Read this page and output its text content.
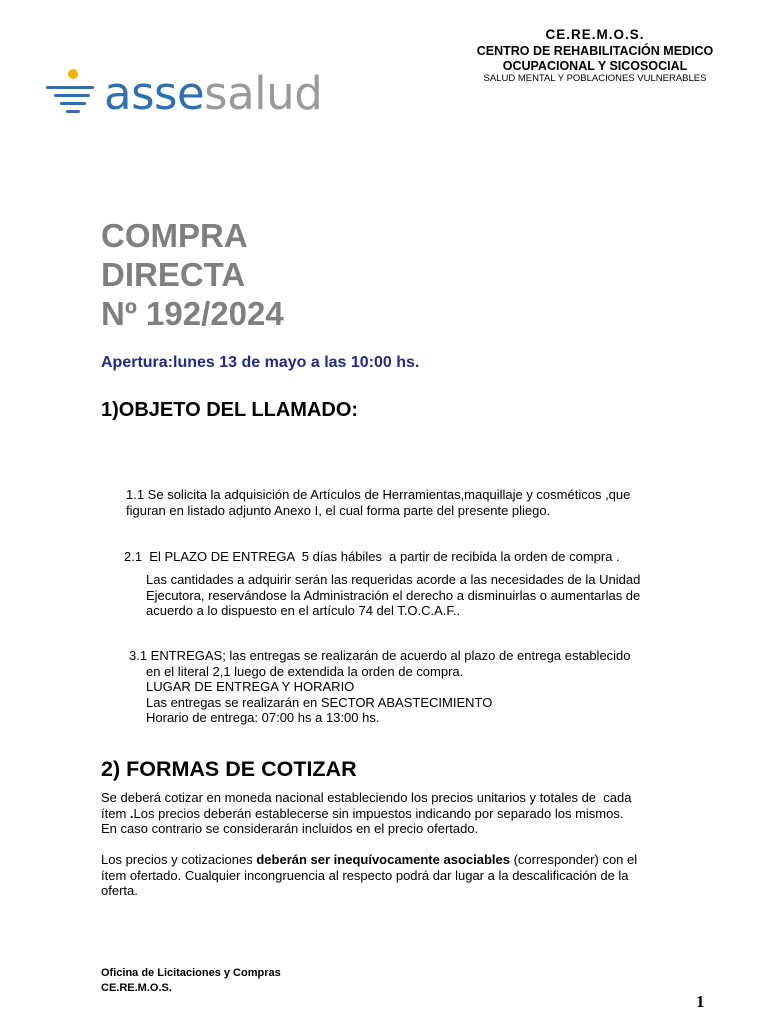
CE.RE.M.O.S.
CENTRO DE REHABILITACIÓN MEDICO
OCUPACIONAL Y SICOSOCIAL
SALUD MENTAL Y POBLACIONES VULNERABLES
assesalud
COMPRA
DIRECTA
Nº 192/2024
Apertura:lunes 13 de mayo a las 10:00 hs.
1)OBJETO DEL LLAMADO:
1.1 Se solicita la adquisición de Artículos de Herramientas,maquillaje y cosméticos ,que
figuran en listado adjunto Anexo I, el cual forma parte del presente pliego.
2.1  El PLAZO DE ENTREGA  5 días hábiles  a partir de recibida la orden de compra .
Las cantidades a adquirir serán las requeridas acorde a las necesidades de la Unidad
Ejecutora, reservándose la Administración el derecho a disminuirlas o aumentarlas de
acuerdo a lo dispuesto en el artículo 74 del T.O.C.A.F..
3.1 ENTREGAS; las entregas se realizarán de acuerdo al plazo de entrega establecido
en el literal 2,1 luego de extendida la orden de compra.
LUGAR DE ENTREGA Y HORARIO
Las entregas se realizarán en SECTOR ABASTECIMIENTO
Horario de entrega: 07:00 hs a 13:00 hs.
2) FORMAS DE COTIZAR
Se deberá cotizar en moneda nacional estableciendo los precios unitarios y totales de  cada
ítem .Los precios deberán establecerse sin impuestos indicando por separado los mismos.
En caso contrario se considerarán incluidos en el precio ofertado.
Los precios y cotizaciones deberán ser inequívocamente asociables (corresponder) con el
ítem ofertado. Cualquier incongruencia al respecto podrá dar lugar a la descalificación de la
oferta.
Oficina de Licitaciones y Compras
CE.RE.M.O.S.
1
